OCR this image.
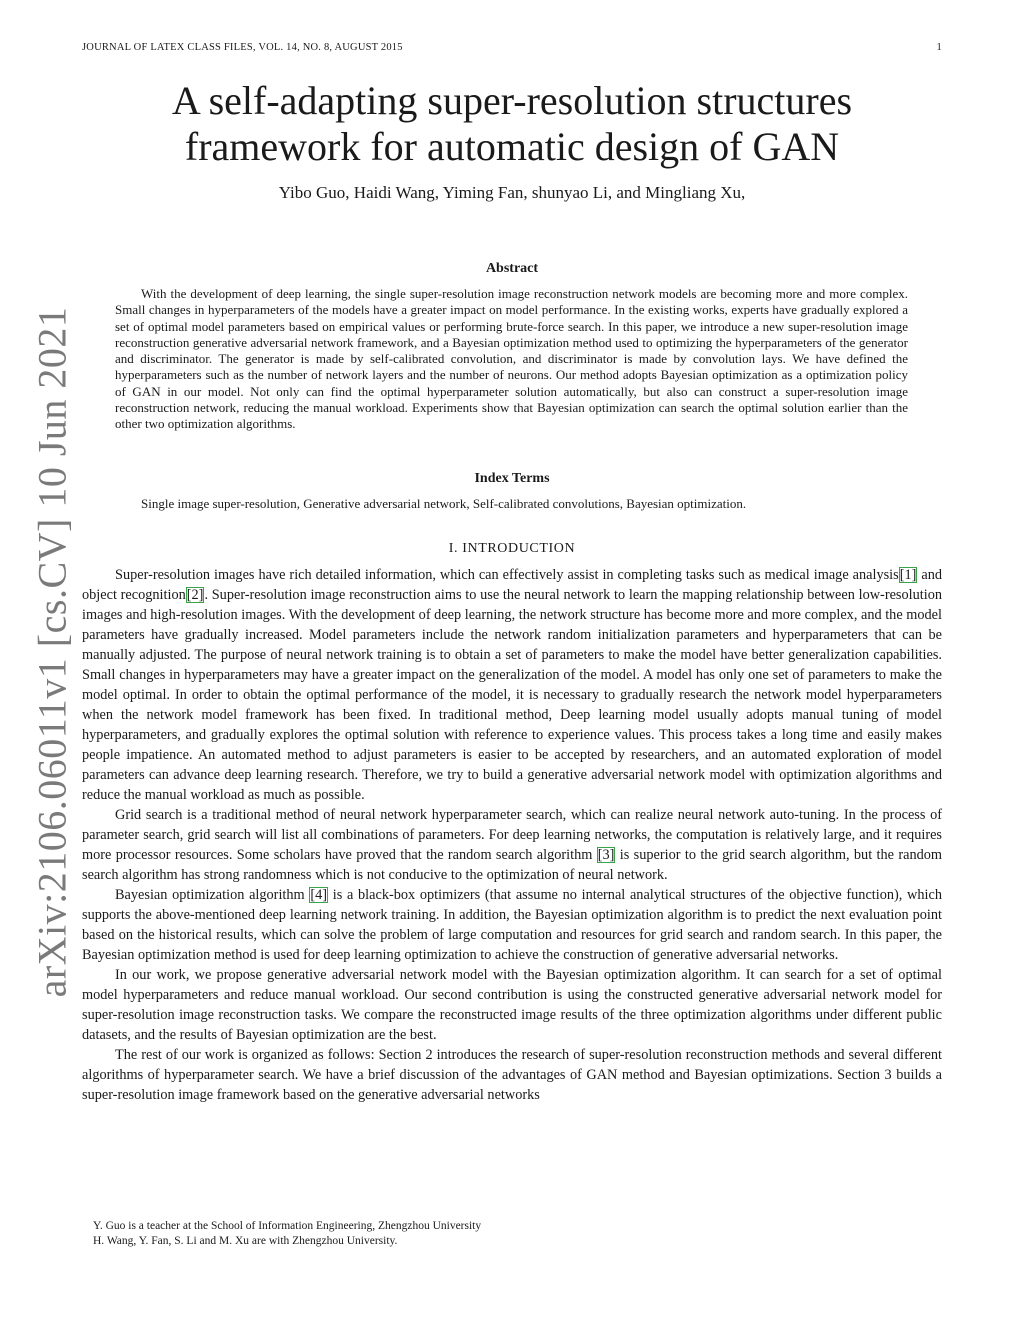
JOURNAL OF LATEX CLASS FILES, VOL. 14, NO. 8, AUGUST 2015	1
arXiv:2106.06011v1 [cs.CV] 10 Jun 2021
A self-adapting super-resolution structures framework for automatic design of GAN
Yibo Guo, Haidi Wang, Yiming Fan, shunyao Li, and Mingliang Xu,
Abstract

With the development of deep learning, the single super-resolution image reconstruction network models are becoming more and more complex. Small changes in hyperparameters of the models have a greater impact on model performance. In the existing works, experts have gradually explored a set of optimal model parameters based on empirical values or performing brute-force search. In this paper, we introduce a new super-resolution image reconstruction generative adversarial network framework, and a Bayesian optimization method used to optimizing the hyperparameters of the generator and discriminator. The generator is made by self-calibrated convolution, and discriminator is made by convolution lays. We have defined the hyperparameters such as the number of network layers and the number of neurons. Our method adopts Bayesian optimization as a optimization policy of GAN in our model. Not only can find the optimal hyperparameter solution automatically, but also can construct a super-resolution image reconstruction network, reducing the manual workload. Experiments show that Bayesian optimization can search the optimal solution earlier than the other two optimization algorithms.

Index Terms

Single image super-resolution, Generative adversarial network, Self-calibrated convolutions, Bayesian optimization.

I. INTRODUCTION

Super-resolution images have rich detailed information, which can effectively assist in completing tasks such as medical image analysis[1] and object recognition[2]. Super-resolution image reconstruction aims to use the neural network to learn the mapping relationship between low-resolution images and high-resolution images. With the development of deep learning, the network structure has become more and more complex, and the model parameters have gradually increased. Model parameters include the network random initialization parameters and hyperparameters that can be manually adjusted. The purpose of neural network training is to obtain a set of parameters to make the model have better generalization capabilities. Small changes in hyperparameters may have a greater impact on the generalization of the model. A model has only one set of parameters to make the model optimal. In order to obtain the optimal performance of the model, it is necessary to gradually research the network model hyperparameters when the network model framework has been fixed. In traditional method, Deep learning model usually adopts manual tuning of model hyperparameters, and gradually explores the optimal solution with reference to experience values. This process takes a long time and easily makes people impatience. An automated method to adjust parameters is easier to be accepted by researchers, and an automated exploration of model parameters can advance deep learning research. Therefore, we try to build a generative adversarial network model with optimization algorithms and reduce the manual workload as much as possible.

Grid search is a traditional method of neural network hyperparameter search, which can realize neural network auto-tuning. In the process of parameter search, grid search will list all combinations of parameters. For deep learning networks, the computation is relatively large, and it requires more processor resources. Some scholars have proved that the random search algorithm [3] is superior to the grid search algorithm, but the random search algorithm has strong randomness which is not conducive to the optimization of neural network.

Bayesian optimization algorithm [4] is a black-box optimizers (that assume no internal analytical structures of the objective function), which supports the above-mentioned deep learning network training. In addition, the Bayesian optimization algorithm is to predict the next evaluation point based on the historical results, which can solve the problem of large computation and resources for grid search and random search. In this paper, the Bayesian optimization method is used for deep learning optimization to achieve the construction of generative adversarial networks.

In our work, we propose generative adversarial network model with the Bayesian optimization algorithm. It can search for a set of optimal model hyperparameters and reduce manual workload. Our second contribution is using the constructed generative adversarial network model for super-resolution image reconstruction tasks. We compare the reconstructed image results of the three optimization algorithms under different public datasets, and the results of Bayesian optimization are the best.

The rest of our work is organized as follows: Section 2 introduces the research of super-resolution reconstruction methods and several different algorithms of hyperparameter search. We have a brief discussion of the advantages of GAN method and Bayesian optimizations. Section 3 builds a super-resolution image framework based on the generative adversarial networks

Y. Guo is a teacher at the School of Information Engineering, Zhengzhou University

H. Wang, Y. Fan, S. Li and M. Xu are with Zhengzhou University.
